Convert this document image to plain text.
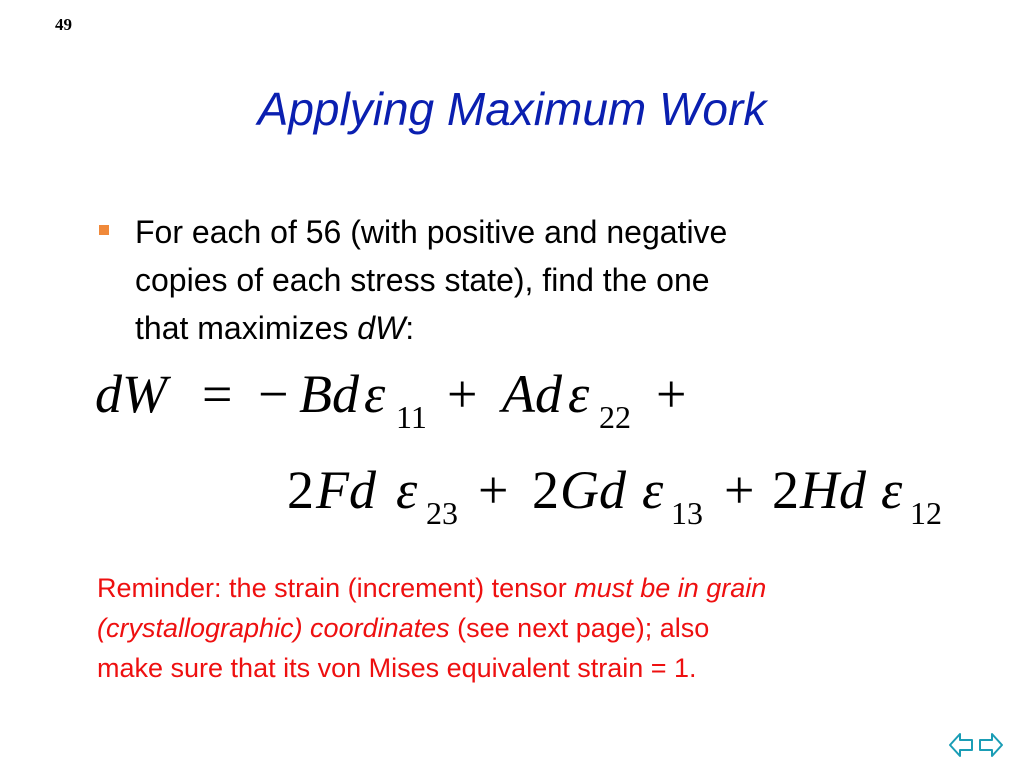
49
Applying Maximum Work
For each of 56 (with positive and negative
copies of each stress state), find the one
that maximizes dW:
dW = − Bd ε 11 + Ad ε 22 +
2 Fd ε 23 + 2 Gd ε 13 + 2 Hd ε 12
Reminder: the strain (increment) tensor must be in grain
(crystallographic) coordinates (see next page); also
make sure that its von Mises equivalent strain = 1.
